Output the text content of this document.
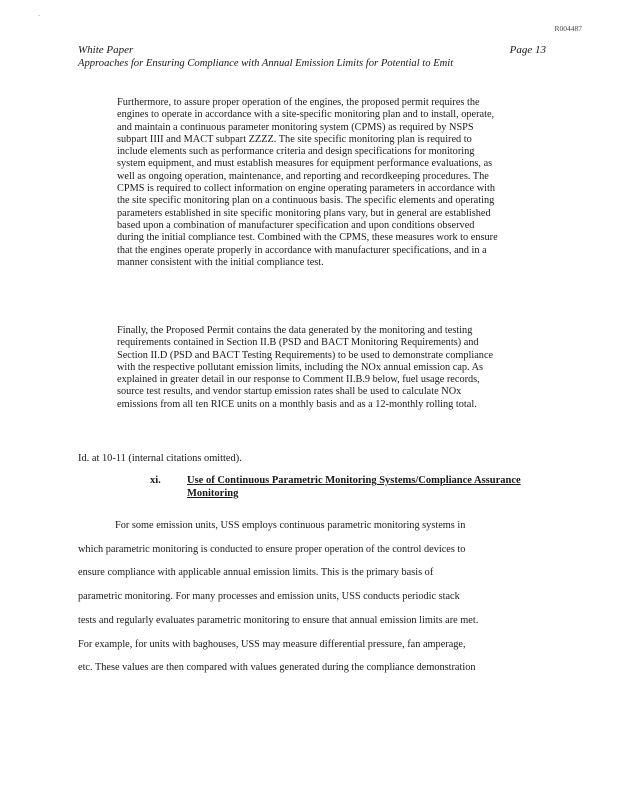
´
R004487
White Paper	Page 13
Approaches for Ensuring Compliance with Annual Emission Limits for Potential to Emit
Furthermore, to assure proper operation of the engines, the proposed permit requires the engines to operate in accordance with a site-specific monitoring plan and to install, operate, and maintain a continuous parameter monitoring system (CPMS) as required by NSPS subpart IIII and MACT subpart ZZZZ. The site specific monitoring plan is required to include elements such as performance criteria and design specifications for monitoring system equipment, and must establish measures for equipment performance evaluations, as well as ongoing operation, maintenance, and reporting and recordkeeping procedures. The CPMS is required to collect information on engine operating parameters in accordance with the site specific monitoring plan on a continuous basis. The specific elements and operating parameters established in site specific monitoring plans vary, but in general are established based upon a combination of manufacturer specification and upon conditions observed during the initial compliance test. Combined with the CPMS, these measures work to ensure that the engines operate properly in accordance with manufacturer specifications, and in a manner consistent with the initial compliance test.
Finally, the Proposed Permit contains the data generated by the monitoring and testing requirements contained in Section II.B (PSD and BACT Monitoring Requirements) and Section II.D (PSD and BACT Testing Requirements) to be used to demonstrate compliance with the respective pollutant emission limits, including the NOx annual emission cap. As explained in greater detail in our response to Comment II.B.9 below, fuel usage records, source test results, and vendor startup emission rates shall be used to calculate NOx emissions from all ten RICE units on a monthly basis and as a 12-monthly rolling total.
Id. at 10-11 (internal citations omitted).
xi. Use of Continuous Parametric Monitoring Systems/Compliance Assurance Monitoring
For some emission units, USS employs continuous parametric monitoring systems in
which parametric monitoring is conducted to ensure proper operation of the control devices to
ensure compliance with applicable annual emission limits. This is the primary basis of
parametric monitoring. For many processes and emission units, USS conducts periodic stack
tests and regularly evaluates parametric monitoring to ensure that annual emission limits are met.
For example, for units with baghouses, USS may measure differential pressure, fan amperage,
etc. These values are then compared with values generated during the compliance demonstration
